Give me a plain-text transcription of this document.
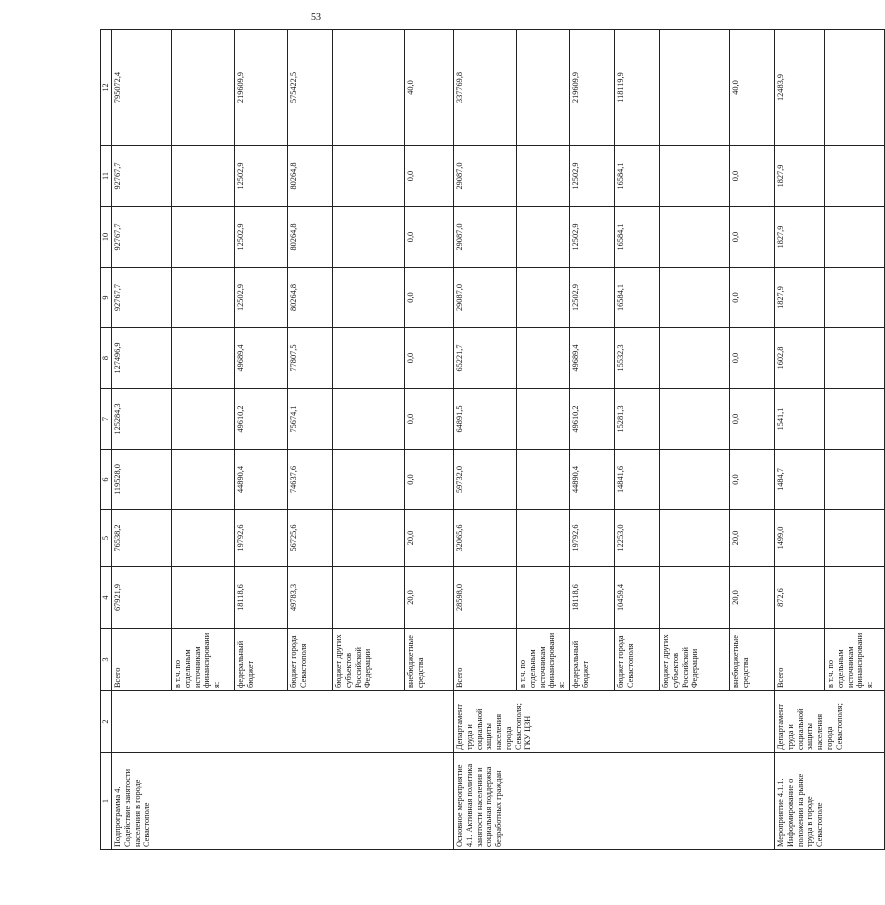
53
1	2	3	4	5	6	7	8	9	10	11	12
Подпрограмма 4. Содействие занятости населения в городе Севастополе		Всего	67921,9	76538,2	119528,0	125284,3	127496,9	92767,7	92767,7	92767,7	795072,4
		в т.ч. по отдельным источникам финансирования:									
		федеральный бюджет	18118,6	19792,6	44890,4	49610,2	49689,4	12502,9	12502,9	12502,9	219609,9
		бюджет города Севастополя	49783,3	56725,6	74637,6	75674,1	77807,5	80264,8	80264,8	80264,8	575422,5
		бюджет других субъектов Российской Федерации									
		внебюджетные средства	20,0	20,0	0,0	0,0	0,0	0,0	0,0	0,0	40,0
Основное мероприятие 4.1. Активная политика занятости населения и социальная поддержка безработных граждан	Департамент труда и социальной защиты населения города Севастополя; ГКУ ЦЗН	Всего	28598,0	32065,6	59732,0	64891,5	65221,7	29087,0	29087,0	29087,0	337769,8
		в т.ч. по отдельным источникам финансирования:									
		федеральный бюджет	18118,6	19792,6	44890,4	49610,2	49689,4	12502,9	12502,9	12502,9	219609,9
		бюджет города Севастополя	10459,4	12253,0	14841,6	15281,3	15532,3	16584,1	16584,1	16584,1	118119,9
		бюджет других субъектов Российской Федерации									
		внебюджетные средства	20,0	20,0	0,0	0,0	0,0	0,0	0,0	0,0	40,0
Мероприятие 4.1.1. Информирование о положении на рынке труда в городе Севастополе	Департамент труда и социальной защиты населения города Севастополя;	Всего	872,6	1499,0	1484,7	1541,1	1602,8	1827,9	1827,9	1827,9	12483,9
		в т.ч. по отдельным источникам финансирования:									
